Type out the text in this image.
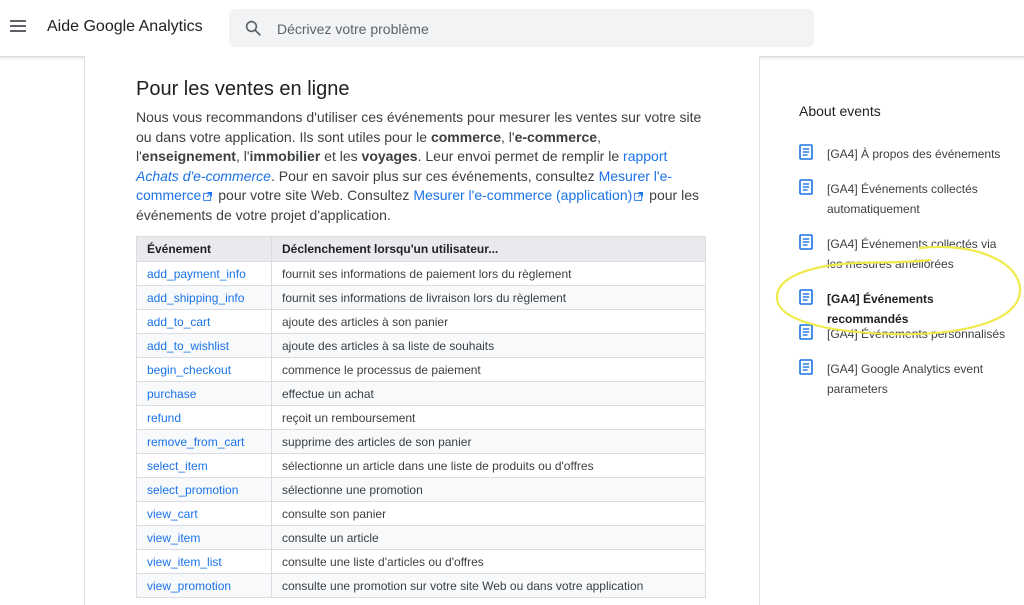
Aide Google Analytics
Décrivez votre problème
Pour les ventes en ligne

Nous vous recommandons d'utiliser ces événements pour mesurer les ventes sur votre site ou dans votre application. Ils sont utiles pour le commerce, l'e-commerce, l'enseignement, l'immobilier et les voyages. Leur envoi permet de remplir le rapport Achats d'e-commerce. Pour en savoir plus sur ces événements, consultez Mesurer l'e-commerce pour votre site Web. Consultez Mesurer l'e-commerce (application) pour les événements de votre projet d'application.

Événement	Déclenchement lorsqu'un utilisateur...
add_payment_info	fournit ses informations de paiement lors du règlement
add_shipping_info	fournit ses informations de livraison lors du règlement
add_to_cart	ajoute des articles à son panier
add_to_wishlist	ajoute des articles à sa liste de souhaits
begin_checkout	commence le processus de paiement
purchase	effectue un achat
refund	reçoit un remboursement
remove_from_cart	supprime des articles de son panier
select_item	sélectionne un article dans une liste de produits ou d'offres
select_promotion	sélectionne une promotion
view_cart	consulte son panier
view_item	consulte un article
view_item_list	consulte une liste d'articles ou d'offres
view_promotion	consulte une promotion sur votre site Web ou dans votre application
About events
[GA4] À propos des événements
[GA4] Événements collectés automatiquement
[GA4] Événements collectés via les mesures améliorées
[GA4] Événements recommandés
[GA4] Événements personnalisés
[GA4] Google Analytics event parameters
